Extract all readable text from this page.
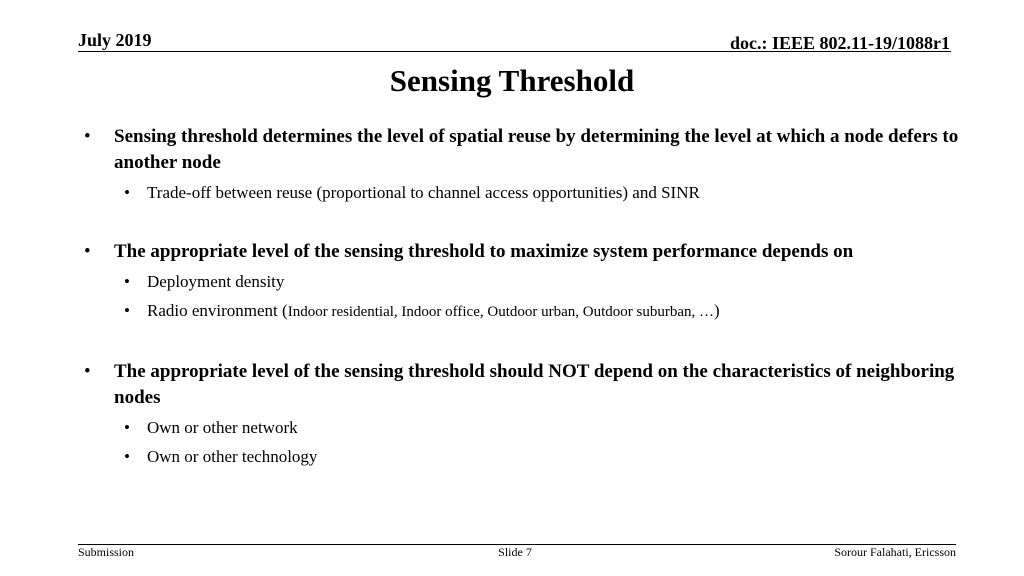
July 2019	doc.: IEEE 802.11-19/1088r1
Sensing Threshold
• Sensing threshold determines the level of spatial reuse by determining the level at which a node defers to another node
• Trade-off between reuse (proportional to channel access opportunities) and SINR
• The appropriate level of the sensing threshold to maximize system performance depends on
• Deployment density
• Radio environment (Indoor residential, Indoor office, Outdoor urban, Outdoor suburban, …)
• The appropriate level of the sensing threshold should NOT depend on the characteristics of neighboring nodes
• Own or other network
• Own or other technology
Submission	Slide 7	Sorour Falahati, Ericsson
